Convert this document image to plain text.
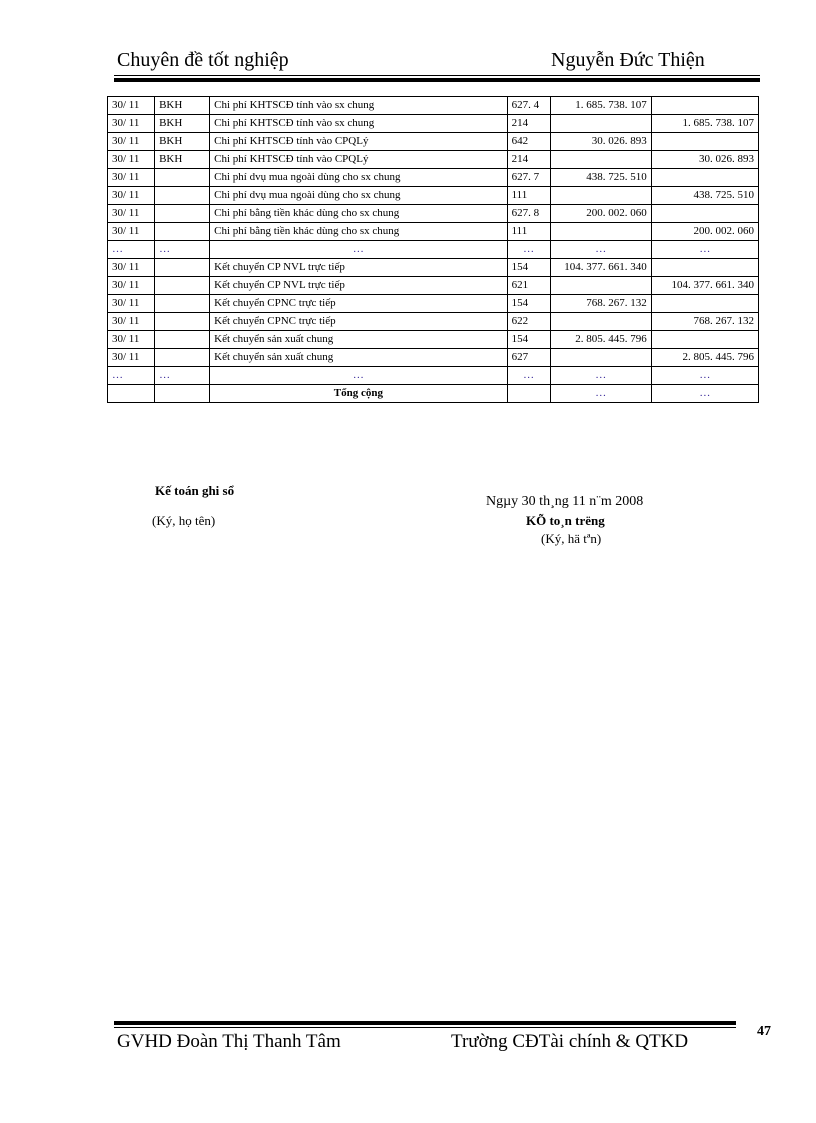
Chuyên đề tốt nghiệp	Nguyễn Đức Thiện
30/ 11	BKH	Chi phí KHTSCĐ tính vào sx chung	627. 4	1. 685. 738. 107	
30/ 11	BKH	Chi phí KHTSCĐ tính vào sx chung	214		1. 685. 738. 107
30/ 11	BKH	Chi phí KHTSCĐ tính vào CPQLý	642	30. 026. 893	
30/ 11	BKH	Chi phí KHTSCĐ tính vào CPQLý	214		30. 026. 893
30/ 11		Chi phí dvụ mua ngoài dùng cho sx chung	627. 7	438. 725. 510	
30/ 11		Chi phí dvụ mua ngoài dùng cho sx chung	111		438. 725. 510
30/ 11		Chi phí bằng tiền khác dùng cho sx chung	627. 8	200. 002. 060	
30/ 11		Chi phí bằng tiền khác dùng cho sx chung	111		200. 002. 060
…	…	…	…	…	…
30/ 11		Kết chuyển CP NVL trực tiếp	154	104. 377. 661. 340	
30/ 11		Kết chuyển CP NVL trực tiếp	621		104. 377. 661. 340
30/ 11		Kết chuyển CPNC trực tiếp	154	768. 267. 132	
30/ 11		Kết chuyển CPNC trực tiếp	622		768. 267. 132
30/ 11		Kết chuyển sản xuất chung	154	2. 805. 445. 796	
30/ 11		Kết chuyển sản xuất chung	627		2. 805. 445. 796
…	…	…	…	…	…
		Tổng cộng		…	…
Kế toán ghi sổ
(Ký, họ tên)
Ngµy 30 th¸ng 11 n¨m 2008
KÕ to¸n trëng
(Ký, hä tªn)
GVHD Đoàn Thị Thanh Tâm	Trường CĐTài chính & QTKD	47
